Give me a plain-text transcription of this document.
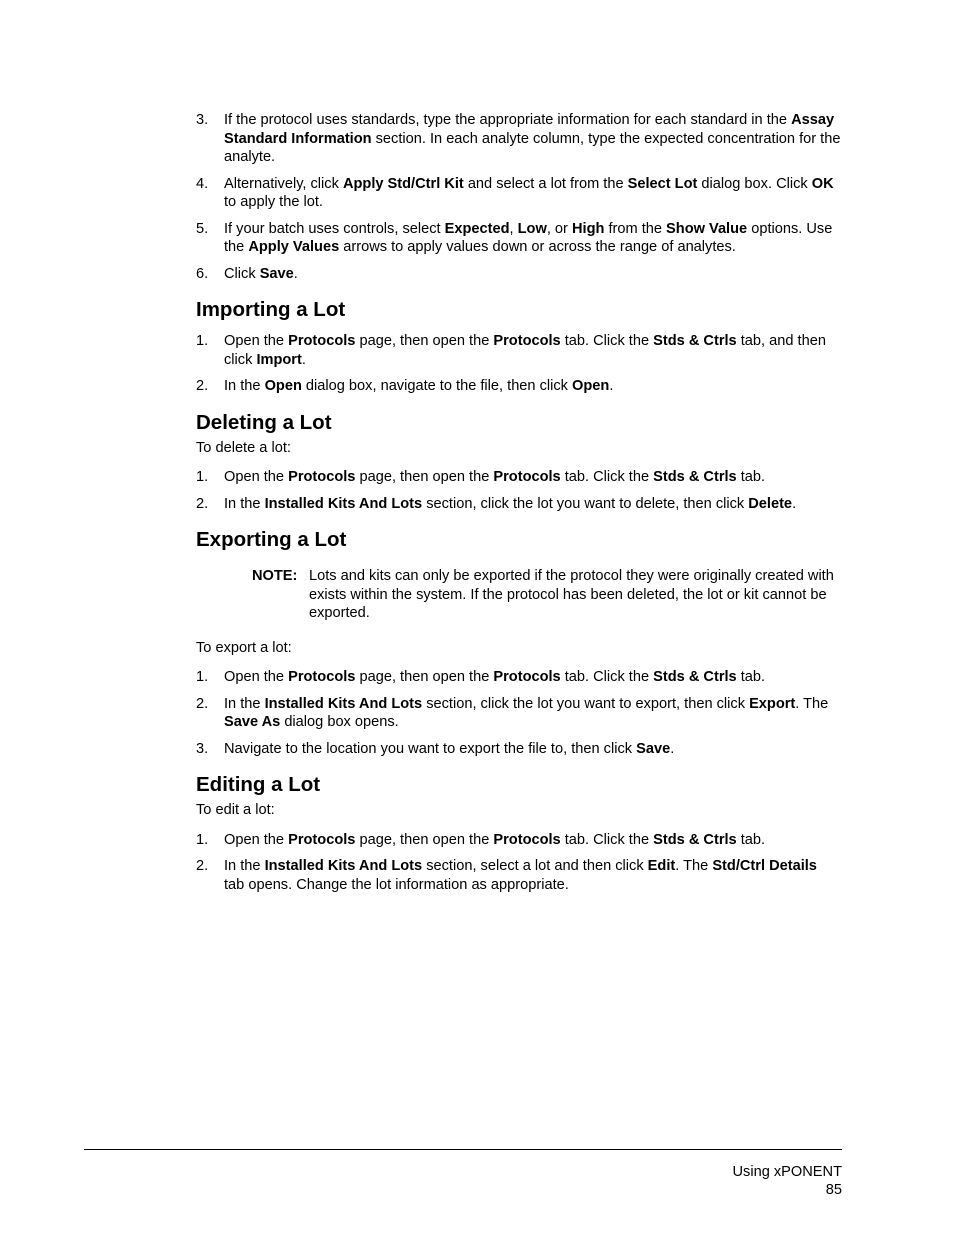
3. If the protocol uses standards, type the appropriate information for each standard in the Assay Standard Information section. In each analyte column, type the expected concentration for the analyte.
4. Alternatively, click Apply Std/Ctrl Kit and select a lot from the Select Lot dialog box. Click OK to apply the lot.
5. If your batch uses controls, select Expected, Low, or High from the Show Value options. Use the Apply Values arrows to apply values down or across the range of analytes.
6. Click Save.
Importing a Lot
1. Open the Protocols page, then open the Protocols tab. Click the Stds & Ctrls tab, and then click Import.
2. In the Open dialog box, navigate to the file, then click Open.
Deleting a Lot

To delete a lot:

1. Open the Protocols page, then open the Protocols tab. Click the Stds & Ctrls tab.
2. In the Installed Kits And Lots section, click the lot you want to delete, then click Delete.
Exporting a Lot
NOTE: Lots and kits can only be exported if the protocol they were originally created with exists within the system. If the protocol has been deleted, the lot or kit cannot be exported.

To export a lot:

1. Open the Protocols page, then open the Protocols tab. Click the Stds & Ctrls tab.
2. In the Installed Kits And Lots section, click the lot you want to export, then click Export. The Save As dialog box opens.
3. Navigate to the location you want to export the file to, then click Save.
Editing a Lot

To edit a lot:

1. Open the Protocols page, then open the Protocols tab. Click the Stds & Ctrls tab.
2. In the Installed Kits And Lots section, select a lot and then click Edit. The Std/Ctrl Details tab opens. Change the lot information as appropriate.
Using xPONENT
85
